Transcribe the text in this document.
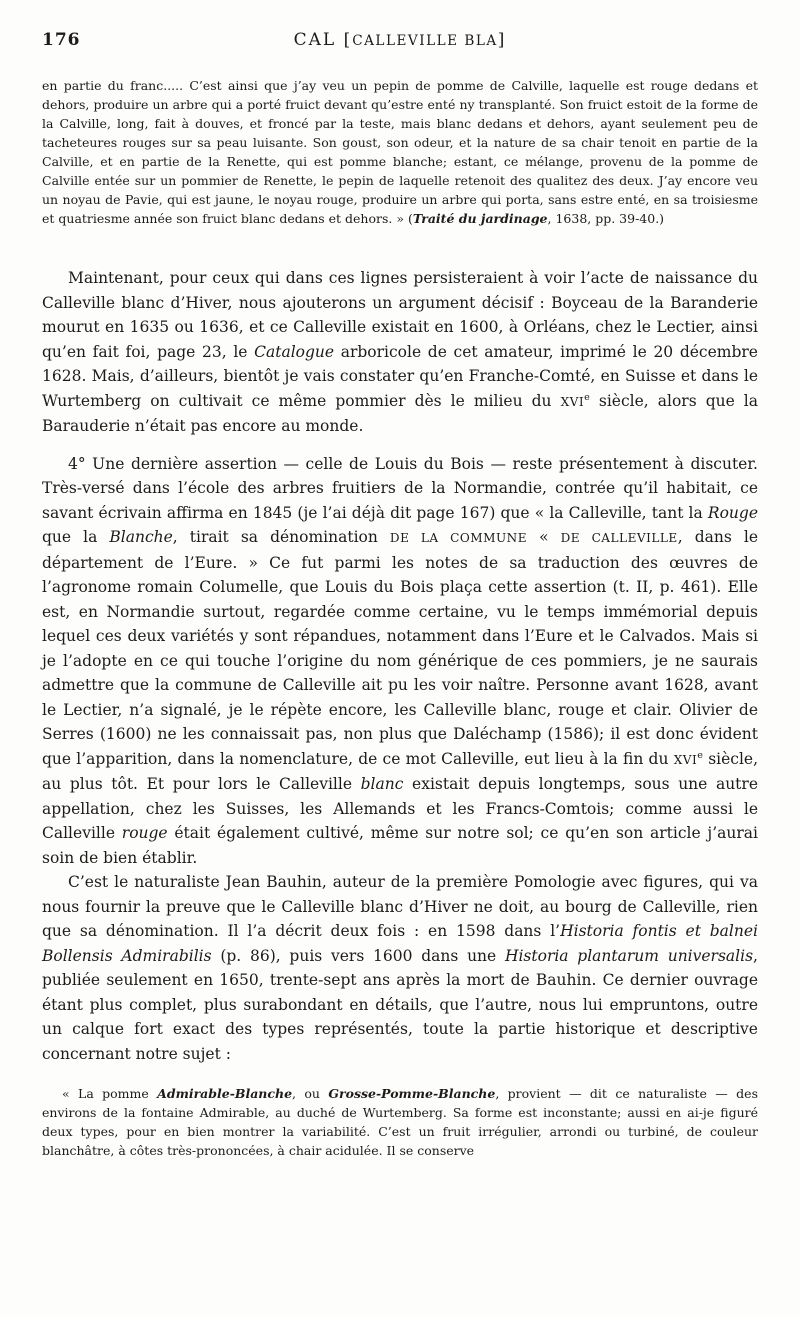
176	CAL [CALLEVILLE BLA]
en partie du franc..... C’est ainsi que j’ay veu un pepin de pomme de Calville, laquelle est rouge dedans et dehors, produire un arbre qui a porté fruict devant qu’estre enté ny transplanté. Son fruict estoit de la forme de la Calville, long, fait à douves, et froncé par la teste, mais blanc dedans et dehors, ayant seulement peu de tacheteures rouges sur sa peau luisante. Son goust, son odeur, et la nature de sa chair tenoit en partie de la Calville, et en partie de la Renette, qui est pomme blanche; estant, ce mélange, provenu de la pomme de Calville entée sur un pommier de Renette, le pepin de laquelle retenoit des qualitez des deux. J’ay encore veu un noyau de Pavie, qui est jaune, le noyau rouge, produire un arbre qui porta, sans estre enté, en sa troisiesme et quatriesme année son fruict blanc dedans et dehors. » (Traité du jardinage, 1638, pp. 39-40.)

Maintenant, pour ceux qui dans ces lignes persisteraient à voir l’acte de naissance du Calleville blanc d’Hiver, nous ajouterons un argument décisif : Boyceau de la Baranderie mourut en 1635 ou 1636, et ce Calleville existait en 1600, à Orléans, chez le Lectier, ainsi qu’en fait foi, page 23, le Catalogue arboricole de cet amateur, imprimé le 20 décembre 1628. Mais, d’ailleurs, bientôt je vais constater qu’en Franche-Comté, en Suisse et dans le Wurtemberg on cultivait ce même pommier dès le milieu du XVIe siècle, alors que la Barauderie n’était pas encore au monde.

4° Une dernière assertion — celle de Louis du Bois — reste présentement à discuter. Très-versé dans l’école des arbres fruitiers de la Normandie, contrée qu’il habitait, ce savant écrivain affirma en 1845 (je l’ai déjà dit page 167) que « la Calleville, tant la Rouge que la Blanche, tirait sa dénomination DE LA COMMUNE « DE CALLEVILLE, dans le département de l’Eure. » Ce fut parmi les notes de sa traduction des œuvres de l’agronome romain Columelle, que Louis du Bois plaça cette assertion (t. II, p. 461). Elle est, en Normandie surtout, regardée comme certaine, vu le temps immémorial depuis lequel ces deux variétés y sont répandues, notamment dans l’Eure et le Calvados. Mais si je l’adopte en ce qui touche l’origine du nom générique de ces pommiers, je ne saurais admettre que la commune de Calleville ait pu les voir naître. Personne avant 1628, avant le Lectier, n’a signalé, je le répète encore, les Calleville blanc, rouge et clair. Olivier de Serres (1600) ne les connaissait pas, non plus que Daléchamp (1586); il est donc évident que l’apparition, dans la nomenclature, de ce mot Calleville, eut lieu à la fin du XVIe siècle, au plus tôt. Et pour lors le Calleville blanc existait depuis longtemps, sous une autre appellation, chez les Suisses, les Allemands et les Francs-Comtois; comme aussi le Calleville rouge était également cultivé, même sur notre sol; ce qu’en son article j’aurai soin de bien établir.

C’est le naturaliste Jean Bauhin, auteur de la première Pomologie avec figures, qui va nous fournir la preuve que le Calleville blanc d’Hiver ne doit, au bourg de Calleville, rien que sa dénomination. Il l’a décrit deux fois : en 1598 dans l’Historia fontis et balnei Bollensis Admirabilis (p. 86), puis vers 1600 dans une Historia plantarum universalis, publiée seulement en 1650, trente-sept ans après la mort de Bauhin. Ce dernier ouvrage étant plus complet, plus surabondant en détails, que l’autre, nous lui empruntons, outre un calque fort exact des types représentés, toute la partie historique et descriptive concernant notre sujet :

« La pomme Admirable-Blanche, ou Grosse-Pomme-Blanche, provient — dit ce naturaliste — des environs de la fontaine Admirable, au duché de Wurtemberg. Sa forme est inconstante; aussi en ai-je figuré deux types, pour en bien montrer la variabilité. C’est un fruit irrégulier, arrondi ou turbiné, de couleur blanchâtre, à côtes très-prononcées, à chair acidulée. Il se conserve
